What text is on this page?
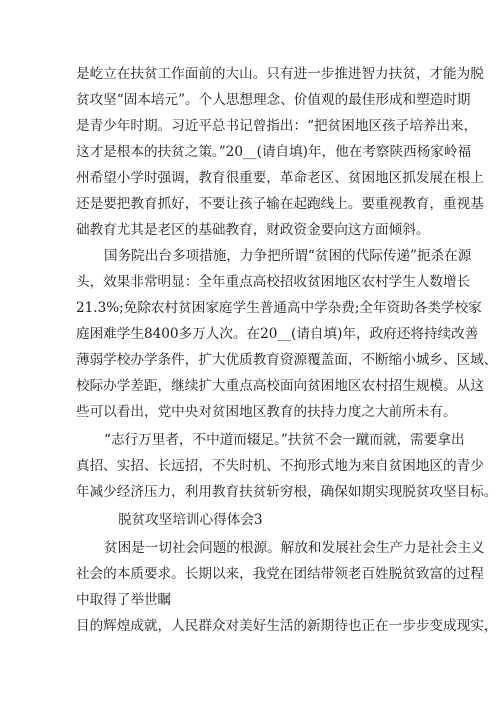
是屹立在扶贫工作面前的大山。只有进一步推进智力扶贫，才能为脱
贫攻坚“固本培元”。个人思想理念、价值观的最佳形成和塑造时期
是青少年时期。习近平总书记曾指出：“把贫困地区孩子培养出来，
这才是根本的扶贫之策。”20__(请自填)年，他在考察陕西杨家岭福
州希望小学时强调，教育很重要，革命老区、贫困地区抓发展在根上
还是要把教育抓好，不要让孩子输在起跑线上。要重视教育，重视基
础教育尤其是老区的基础教育，财政资金要向这方面倾斜。
国务院出台多项措施，力争把所谓“贫困的代际传递”扼杀在源
头，效果非常明显：全年重点高校招收贫困地区农村学生人数增长
21.3%;免除农村贫困家庭学生普通高中学杂费;全年资助各类学校家
庭困难学生8400多万人次。在20__(请自填)年，政府还将持续改善
薄弱学校办学条件，扩大优质教育资源覆盖面，不断缩小城乡、区域、
校际办学差距，继续扩大重点高校面向贫困地区农村招生规模。从这
些可以看出，党中央对贫困地区教育的扶持力度之大前所未有。
“志行万里者，不中道而辍足。”扶贫不会一蹴而就，需要拿出
真招、实招、长远招，不失时机、不拘形式地为来自贫困地区的青少
年减少经济压力，利用教育扶贫斩穷根，确保如期实现脱贫攻坚目标。
脱贫攻坚培训心得体会3
贫困是一切社会问题的根源。解放和发展社会生产力是社会主义
社会的本质要求。长期以来，我党在团结带领老百姓脱贫致富的过程
中取得了举世瞩
目的辉煌成就，人民群众对美好生活的新期待也正在一步步变成现实，
